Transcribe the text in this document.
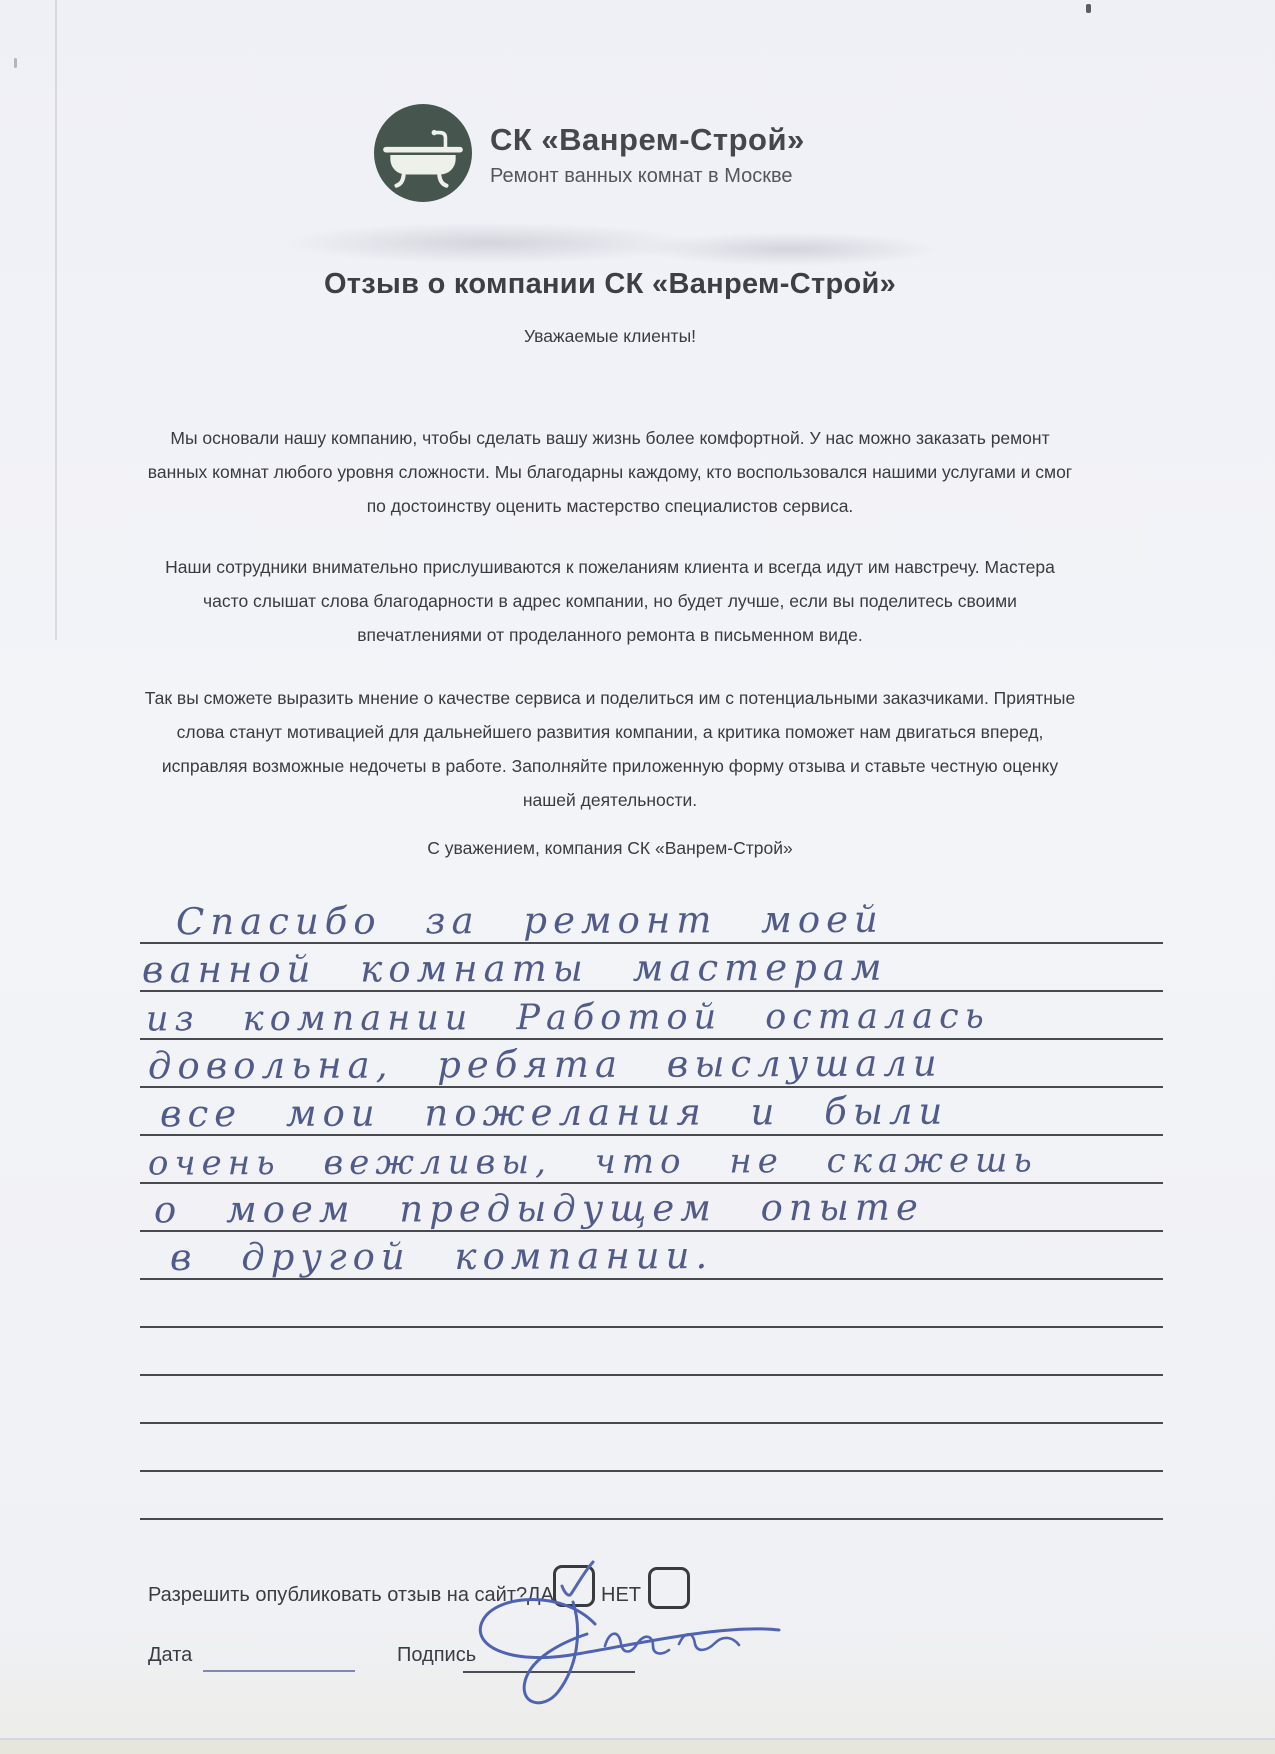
СК «Ванрем-Строй»
Ремонт ванных комнат в Москве
Отзыв о компании СК «Ванрем-Строй»
Уважаемые клиенты!
Мы основали нашу компанию, чтобы сделать вашу жизнь более комфортной. У нас можно заказать ремонт
ванных комнат любого уровня сложности. Мы благодарны каждому, кто воспользовался нашими услугами и смог
по достоинству оценить мастерство специалистов сервиса.
Наши сотрудники внимательно прислушиваются к пожеланиям клиента и всегда идут им навстречу. Мастера
часто слышат слова благодарности в адрес компании, но будет лучше, если вы поделитесь своими
впечатлениями от проделанного ремонта в письменном виде.
Так вы сможете выразить мнение о качестве сервиса и поделиться им с потенциальными заказчиками. Приятные
слова станут мотивацией для дальнейшего развития компании, а критика поможет нам двигаться вперед,
исправляя возможные недочеты в работе. Заполняйте приложенную форму отзыва и ставьте честную оценку
нашей деятельности.
С уважением, компания СК «Ванрем-Строй»
Спасибо за ремонт моей
ванной комнаты мастерам
из компании Работой осталась
довольна, ребята выслушали
все мои пожелания и были
очень вежливы, что не скажешь
о моем предыдущем опыте
в другой компании.
Разрешить опубликовать отзыв на сайт? ДА НЕТ
Дата	Подпись
